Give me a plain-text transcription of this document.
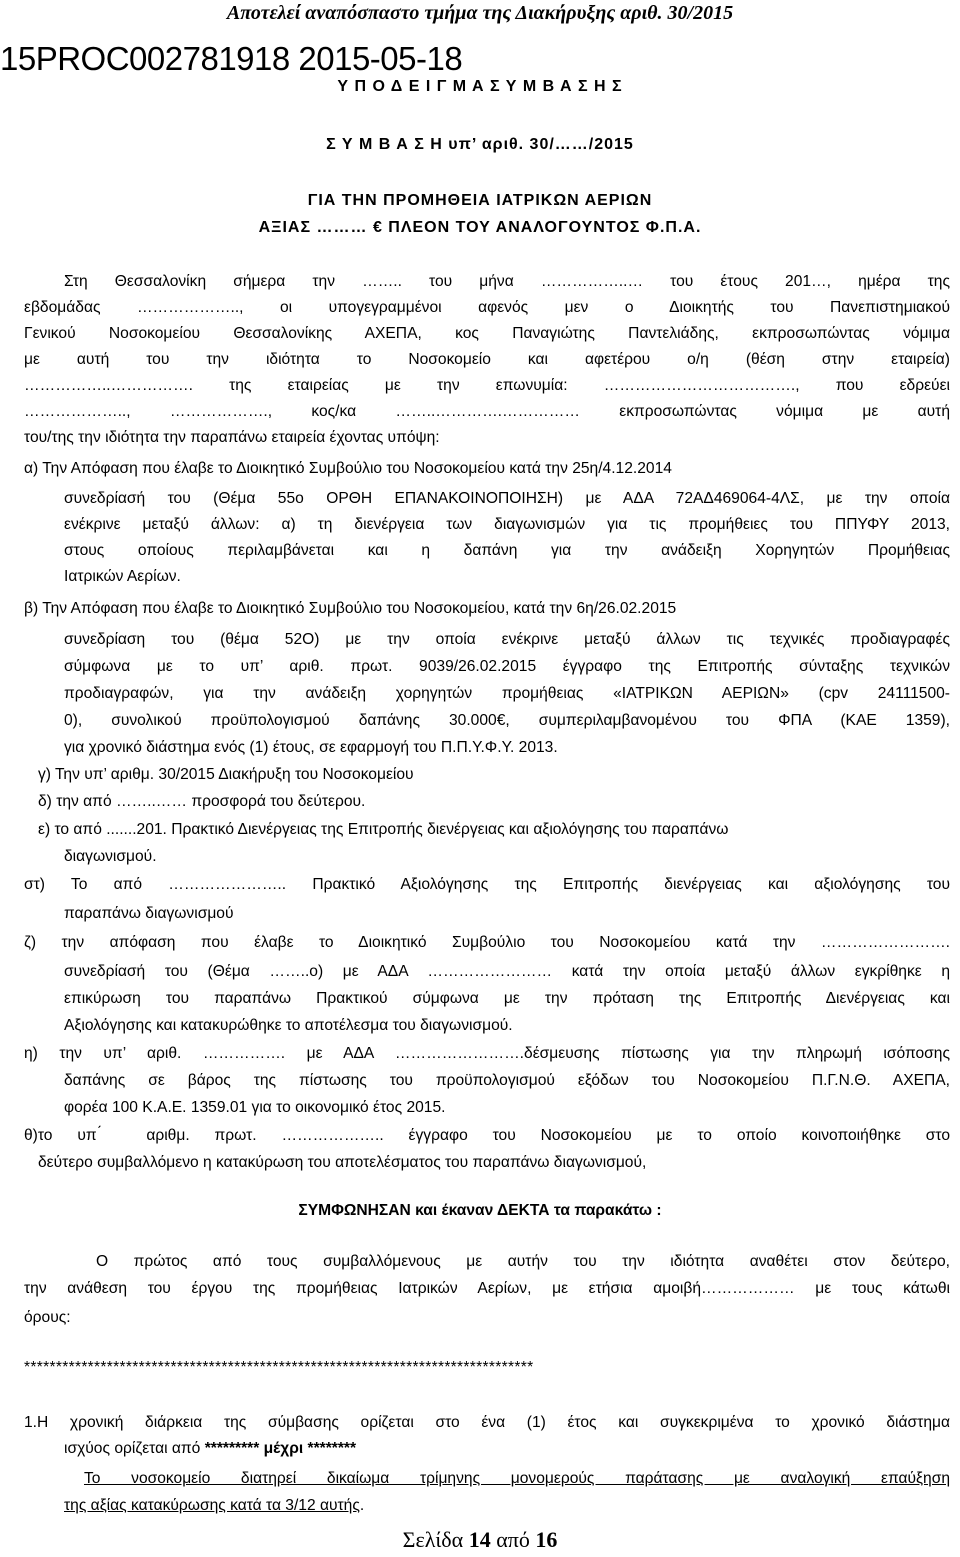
Αποτελεί αναπόσπαστο τμήμα της Διακήρυξης αριθ. 30/2015
15PROC002781918 2015-05-18
Υ Π Ο Δ Ε Ι Γ Μ Α Σ Υ Μ Β Α Σ Η Σ
Σ Υ Μ Β Α Σ Η υπ’ αριθ. 30/……/2015
ΓΙΑ ΤΗΝ ΠΡΟΜΗΘΕΙΑ ΙΑΤΡΙΚΩΝ ΑΕΡΙΩΝ
ΑΞΙΑΣ ……… € ΠΛΕΟΝ ΤΟΥ ΑΝΑΛΟΓΟΥΝΤΟΣ Φ.Π.Α.
Στη Θεσσαλονίκη σήμερα την …….. του μήνα ……………..… του έτους 201…, ημέρα της
εβδομάδας ……………….., οι υπογεγραμμένοι αφενός μεν ο Διοικητής του Πανεπιστημιακού
Γενικού Νοσοκομείου Θεσσαλονίκης ΑΧΕΠΑ, κος Παναγιώτης Παντελιάδης, εκπροσωπώντας νόμιμα
με αυτή του την ιδιότητα το Νοσοκομείο και αφετέρου ο/η (θέση στην εταιρεία)
……………..……………. της εταιρείας με την επωνυμία: ………………………………., που εδρεύει
……………….., ………………., κος/κα ……..………….…………… εκπροσωπώντας νόμιμα με αυτή
του/της την ιδιότητα την παραπάνω εταιρεία έχοντας υπόψη:
α) Την Απόφαση που έλαβε το Διοικητικό Συμβούλιο του Νοσοκομείου κατά την 25η/4.12.2014
συνεδρίασή του (Θέμα 55ο ΟΡΘΗ ΕΠΑΝΑΚΟΙΝΟΠΟΙΗΣΗ) με ΑΔΑ 72ΑΔ469064-4ΛΣ, με την οποία
ενέκρινε μεταξύ άλλων: α) τη διενέργεια των διαγωνισμών για τις προμήθειες του ΠΠΥΦΥ 2013,
στους οποίους περιλαμβάνεται και η δαπάνη για την ανάδειξη Χορηγητών Προμήθειας
Ιατρικών Αερίων.
β) Την Απόφαση που έλαβε το Διοικητικό Συμβούλιο του Νοσοκομείου, κατά την 6η/26.02.2015
συνεδρίαση του (θέμα 52Ο) με την οποία ενέκρινε μεταξύ άλλων τις τεχνικές προδιαγραφές
σύμφωνα με το υπ’ αριθ. πρωτ. 9039/26.02.2015 έγγραφο της Επιτροπής σύνταξης τεχνικών
προδιαγραφών, για την ανάδειξη χορηγητών προμήθειας «ΙΑΤΡΙΚΩΝ ΑΕΡΙΩΝ» (cpv 24111500-
0), συνολικού προϋπολογισμού δαπάνης 30.000€, συμπεριλαμβανομένου του ΦΠΑ (ΚΑΕ 1359),
για χρονικό διάστημα ενός (1) έτους, σε εφαρμογή του Π.Π.Υ.Φ.Υ. 2013.
γ) Την υπ’ αριθμ. 30/2015 Διακήρυξη του Νοσοκομείου
δ) την από ……..…… προσφορά του δεύτερου.
ε) το από .......201. Πρακτικό Διενέργειας της Επιτροπής διενέργειας και αξιολόγησης του παραπάνω
διαγωνισμού.
στ) Το από ………………….. Πρακτικό Αξιολόγησης της Επιτροπής διενέργειας και αξιολόγησης του
παραπάνω διαγωνισμού
ζ) την απόφαση που έλαβε το Διοικητικό Συμβούλιο του Νοσοκομείου κατά την …………………….
συνεδρίασή του (Θέμα ……..ο) με ΑΔΑ …………………… κατά την οποία μεταξύ άλλων εγκρίθηκε η
επικύρωση του παραπάνω Πρακτικού σύμφωνα με την πρόταση της Επιτροπής Διενέργειας και
Αξιολόγησης και κατακυρώθηκε το αποτέλεσμα του διαγωνισμού.
η) την υπ’ αριθ. ……………. με ΑΔΑ …………………….δέσμευσης πίστωσης για την πληρωμή ισόποσης
δαπάνης σε βάρος της πίστωσης του προϋπολογισμού εξόδων του Νοσοκομείου Π.Γ.Ν.Θ. ΑΧΕΠΑ,
φορέα 100 Κ.Α.Ε. 1359.01 για το οικονομικό έτος 2015.
θ)το υπ ́ αριθμ. πρωτ. ……………….. έγγραφο του Νοσοκομείου με το οποίο κοινοποιήθηκε στο
δεύτερο συμβαλλόμενο η κατακύρωση του αποτελέσματος του παραπάνω διαγωνισμού,
ΣΥΜΦΩΝΗΣΑΝ και έκαναν ΔΕΚΤΑ τα παρακάτω :
Ο πρώτος από τους συμβαλλόμενους με αυτήν του την ιδιότητα αναθέτει στον δεύτερο,
την ανάθεση του έργου της προμήθειας Ιατρικών Αερίων, με ετήσια αμοιβή……………… με τους κάτωθι
όρους:
********************************************************************************
1.Η χρονική διάρκεια της σύμβασης ορίζεται στο ένα (1) έτος και συγκεκριμένα το χρονικό διάστημα
ισχύος ορίζεται από ********* μέχρι ********
Το νοσοκομείο διατηρεί δικαίωμα τρίμηνης μονομερούς παράτασης με αναλογική επαύξηση
της αξίας κατακύρωσης κατά τα 3/12 αυτής.
Σελίδα 14 από 16
